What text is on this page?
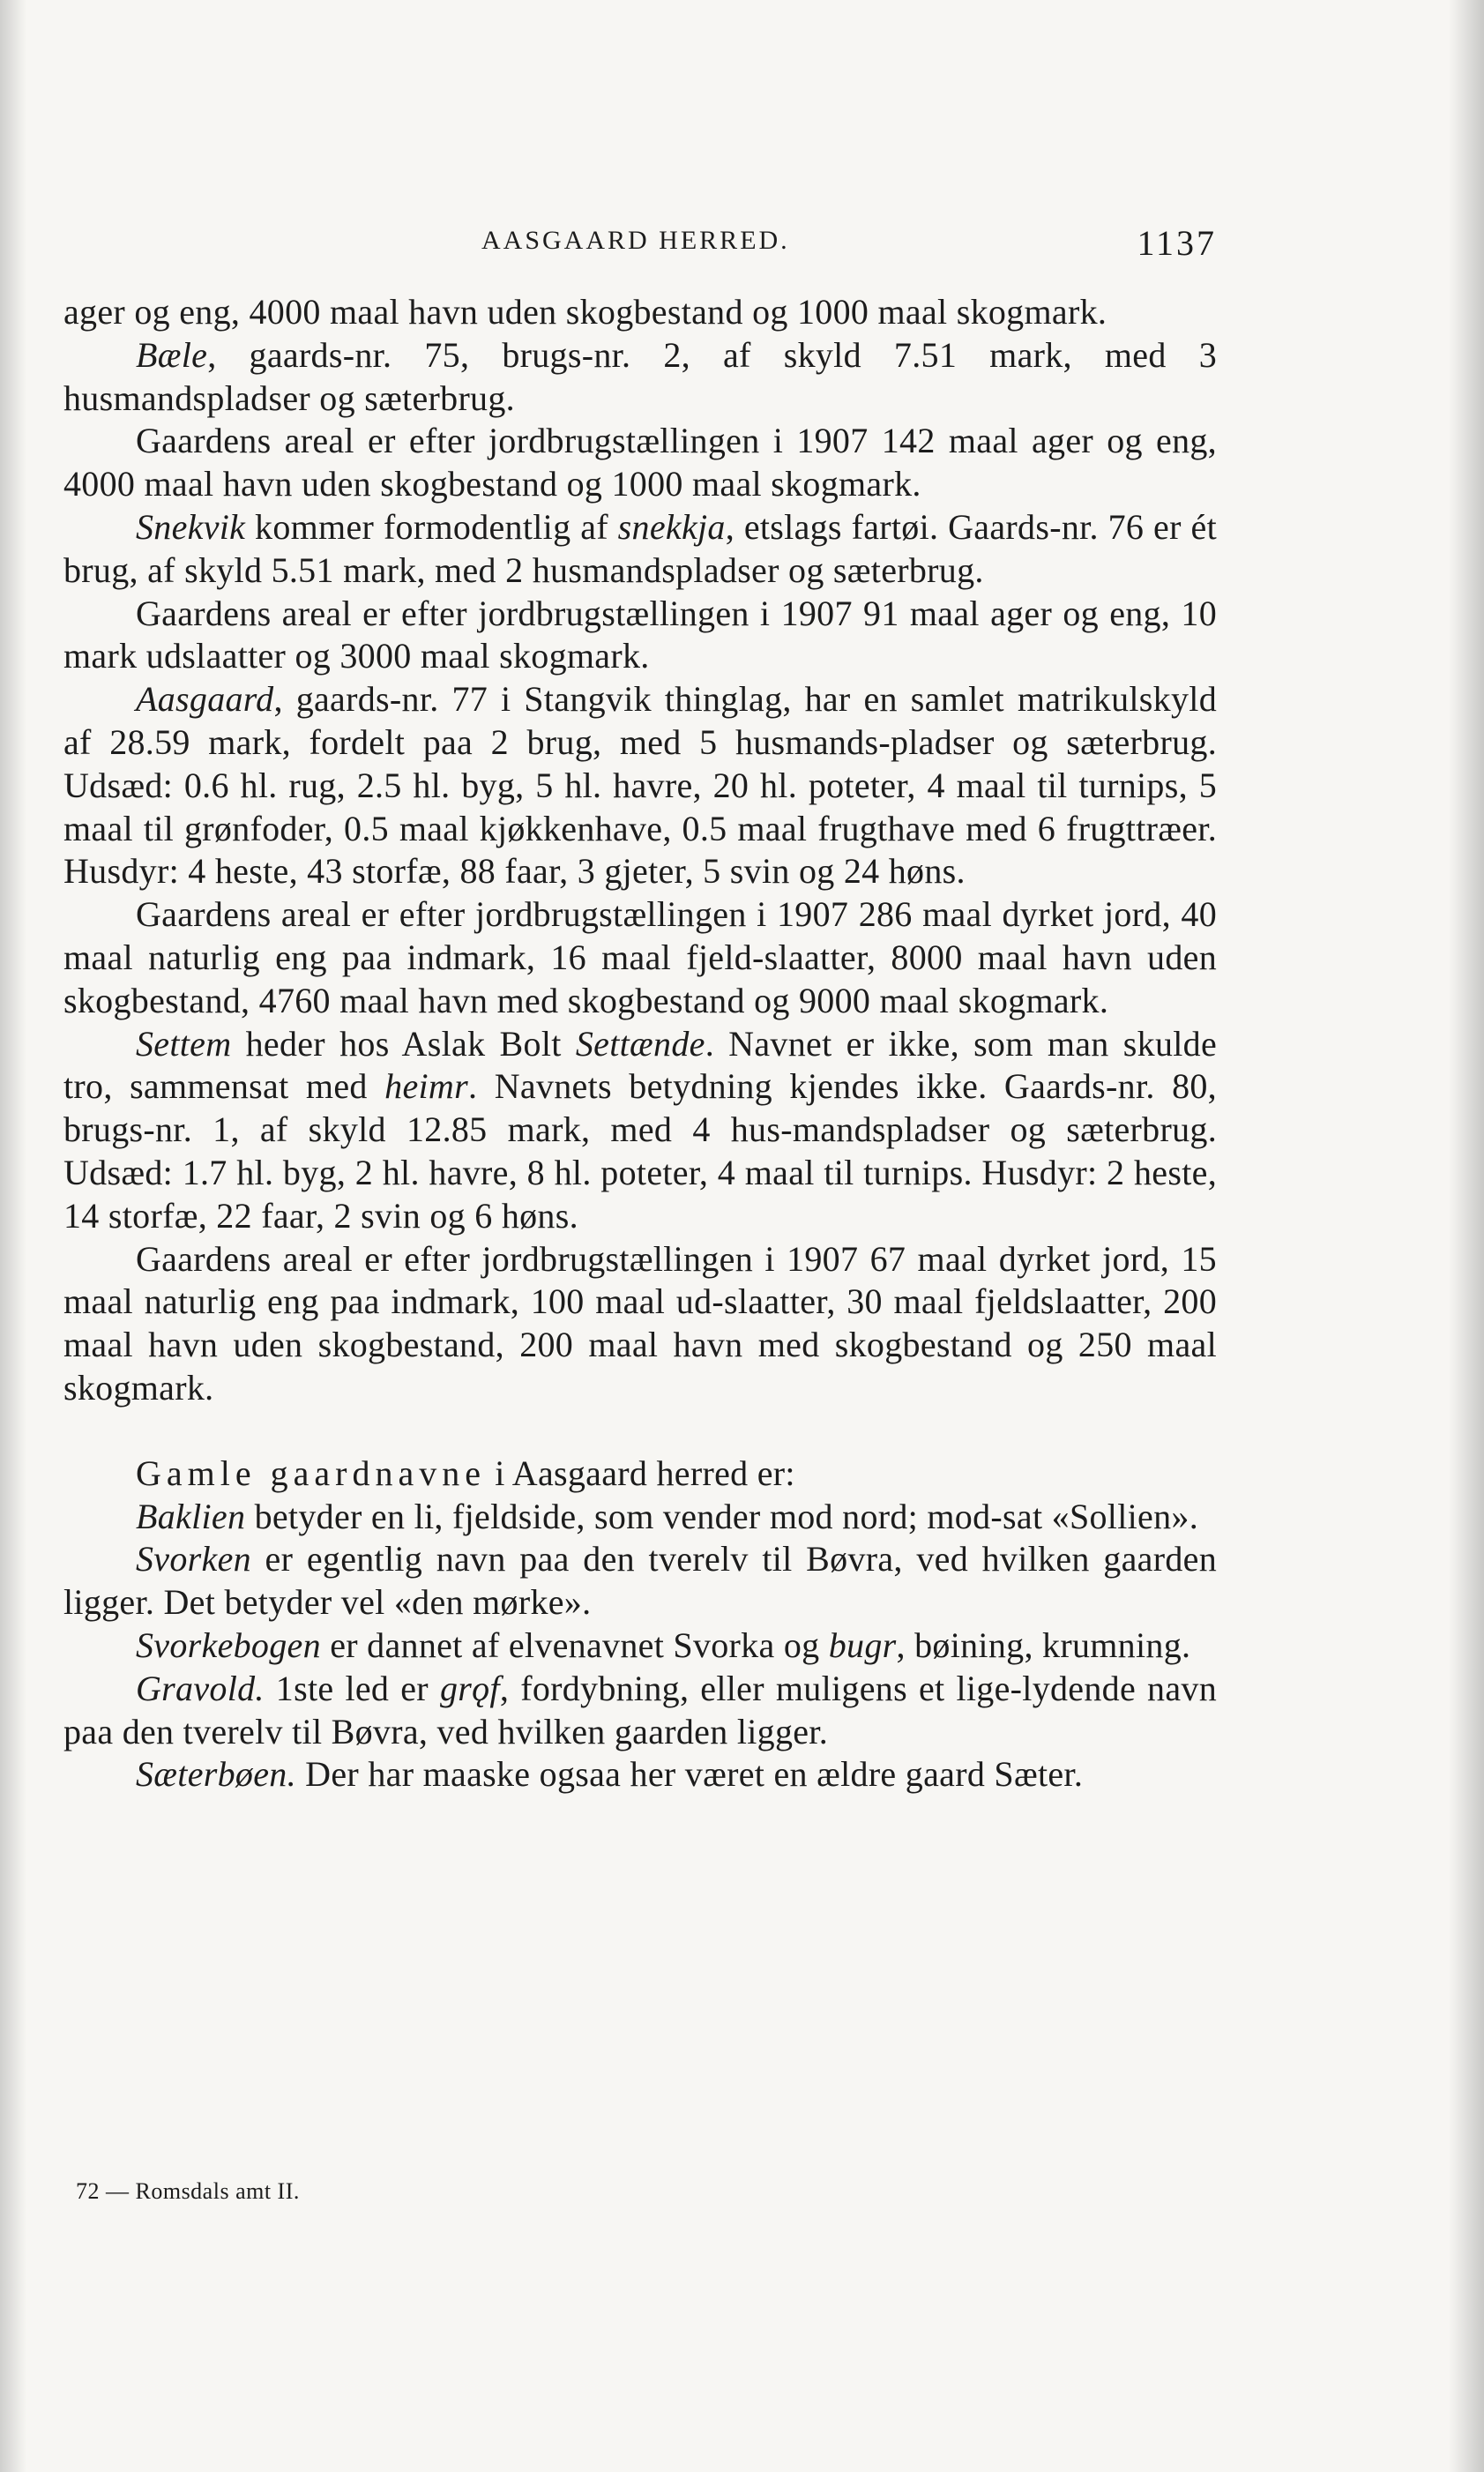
AASGAARD HERRED.	1137

ager og eng, 4000 maal havn uden skogbestand og 1000 maal skogmark.

Bæle, gaards-nr. 75, brugs-nr. 2, af skyld 7.51 mark, med 3 husmandspladser og sæterbrug.

Gaardens areal er efter jordbrugstællingen i 1907 142 maal ager og eng, 4000 maal havn uden skogbestand og 1000 maal skogmark.

Snekvik kommer formodentlig af snekkja, etslags fartøi. Gaards-nr. 76 er ét brug, af skyld 5.51 mark, med 2 husmandspladser og sæterbrug.

Gaardens areal er efter jordbrugstællingen i 1907 91 maal ager og eng, 10 mark udslaatter og 3000 maal skogmark.

Aasgaard, gaards-nr. 77 i Stangvik thinglag, har en samlet matrikulskyld af 28.59 mark, fordelt paa 2 brug, med 5 husmands-pladser og sæterbrug. Udsæd: 0.6 hl. rug, 2.5 hl. byg, 5 hl. havre, 20 hl. poteter, 4 maal til turnips, 5 maal til grønfoder, 0.5 maal kjøkkenhave, 0.5 maal frugthave med 6 frugttræer. Husdyr: 4 heste, 43 storfæ, 88 faar, 3 gjeter, 5 svin og 24 høns.

Gaardens areal er efter jordbrugstællingen i 1907 286 maal dyrket jord, 40 maal naturlig eng paa indmark, 16 maal fjeld-slaatter, 8000 maal havn uden skogbestand, 4760 maal havn med skogbestand og 9000 maal skogmark.

Settem heder hos Aslak Bolt Settænde. Navnet er ikke, som man skulde tro, sammensat med heimr. Navnets betydning kjendes ikke. Gaards-nr. 80, brugs-nr. 1, af skyld 12.85 mark, med 4 hus-mandspladser og sæterbrug. Udsæd: 1.7 hl. byg, 2 hl. havre, 8 hl. poteter, 4 maal til turnips. Husdyr: 2 heste, 14 storfæ, 22 faar, 2 svin og 6 høns.

Gaardens areal er efter jordbrugstællingen i 1907 67 maal dyrket jord, 15 maal naturlig eng paa indmark, 100 maal ud-slaatter, 30 maal fjeldslaatter, 200 maal havn uden skogbestand, 200 maal havn med skogbestand og 250 maal skogmark.

Gamle gaardnavne i Aasgaard herred er:

Baklien betyder en li, fjeldside, som vender mod nord; mod-sat «Sollien».

Svorken er egentlig navn paa den tverelv til Bøvra, ved hvilken gaarden ligger. Det betyder vel «den mørke».

Svorkebogen er dannet af elvenavnet Svorka og bugr, bøining, krumning.

Gravold. 1ste led er grǫf, fordybning, eller muligens et lige-lydende navn paa den tverelv til Bøvra, ved hvilken gaarden ligger.

Sæterbøen. Der har maaske ogsaa her været en ældre gaard Sæter.

72 — Romsdals amt II.
